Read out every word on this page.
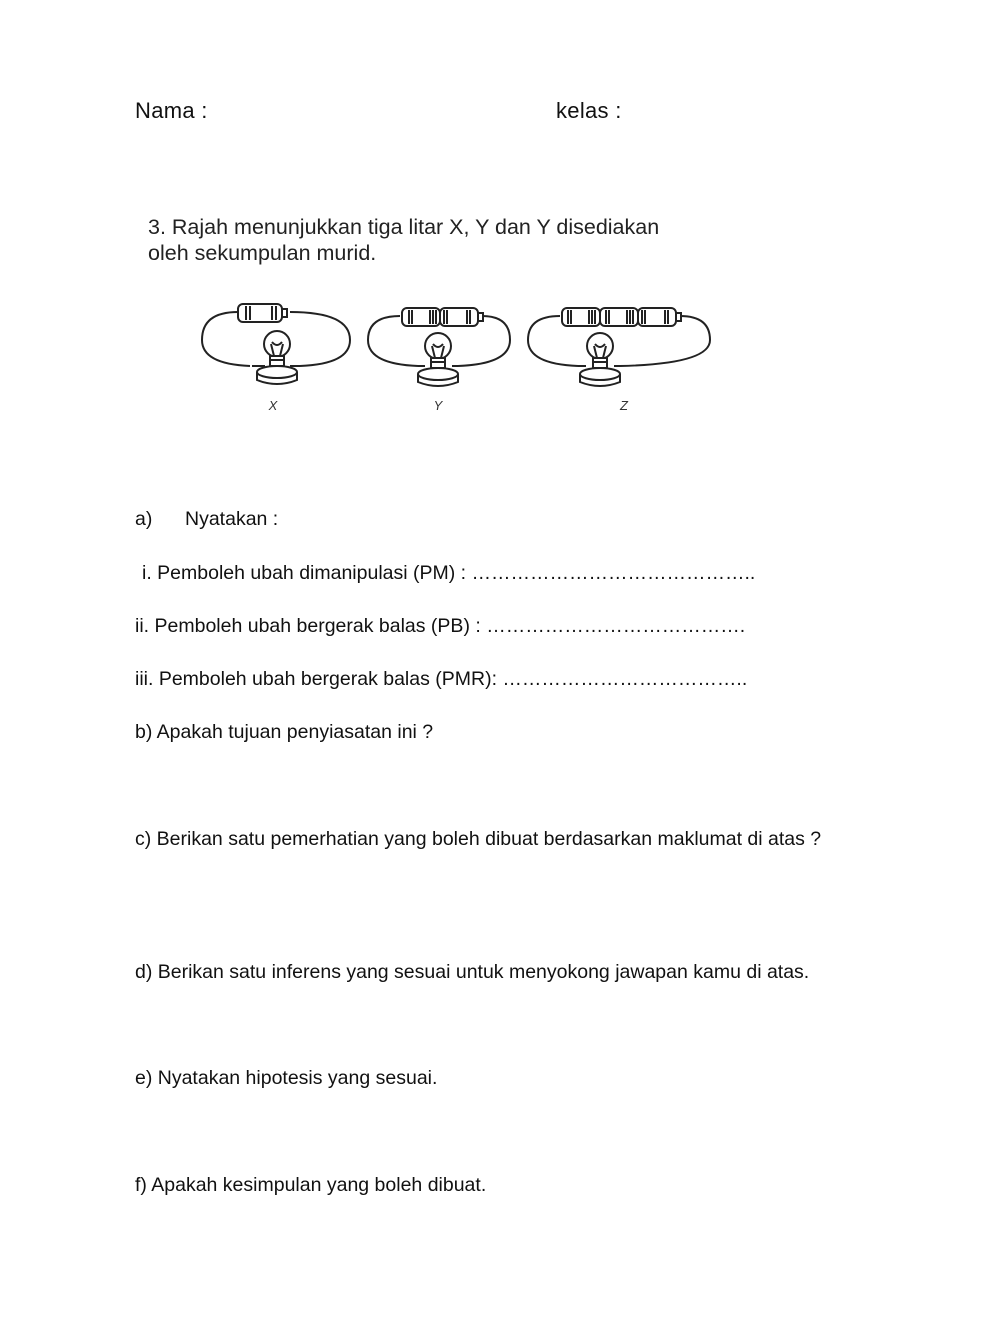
Nama :	kelas :
3. Rajah menunjukkan tiga litar X, Y dan Y disediakan
oleh sekumpulan murid.
X	Y	Z
a) Nyatakan :
i. Pemboleh ubah dimanipulasi (PM) : ……………………………………..
ii. Pemboleh ubah bergerak balas (PB) : ………………………………….
iii. Pemboleh ubah bergerak balas (PMR): ………………………………..
b) Apakah tujuan penyiasatan ini ?
c) Berikan satu pemerhatian yang boleh dibuat berdasarkan maklumat di atas ?
d) Berikan satu inferens yang sesuai untuk menyokong jawapan kamu di atas.
e) Nyatakan hipotesis yang sesuai.
f) Apakah kesimpulan yang boleh dibuat.
